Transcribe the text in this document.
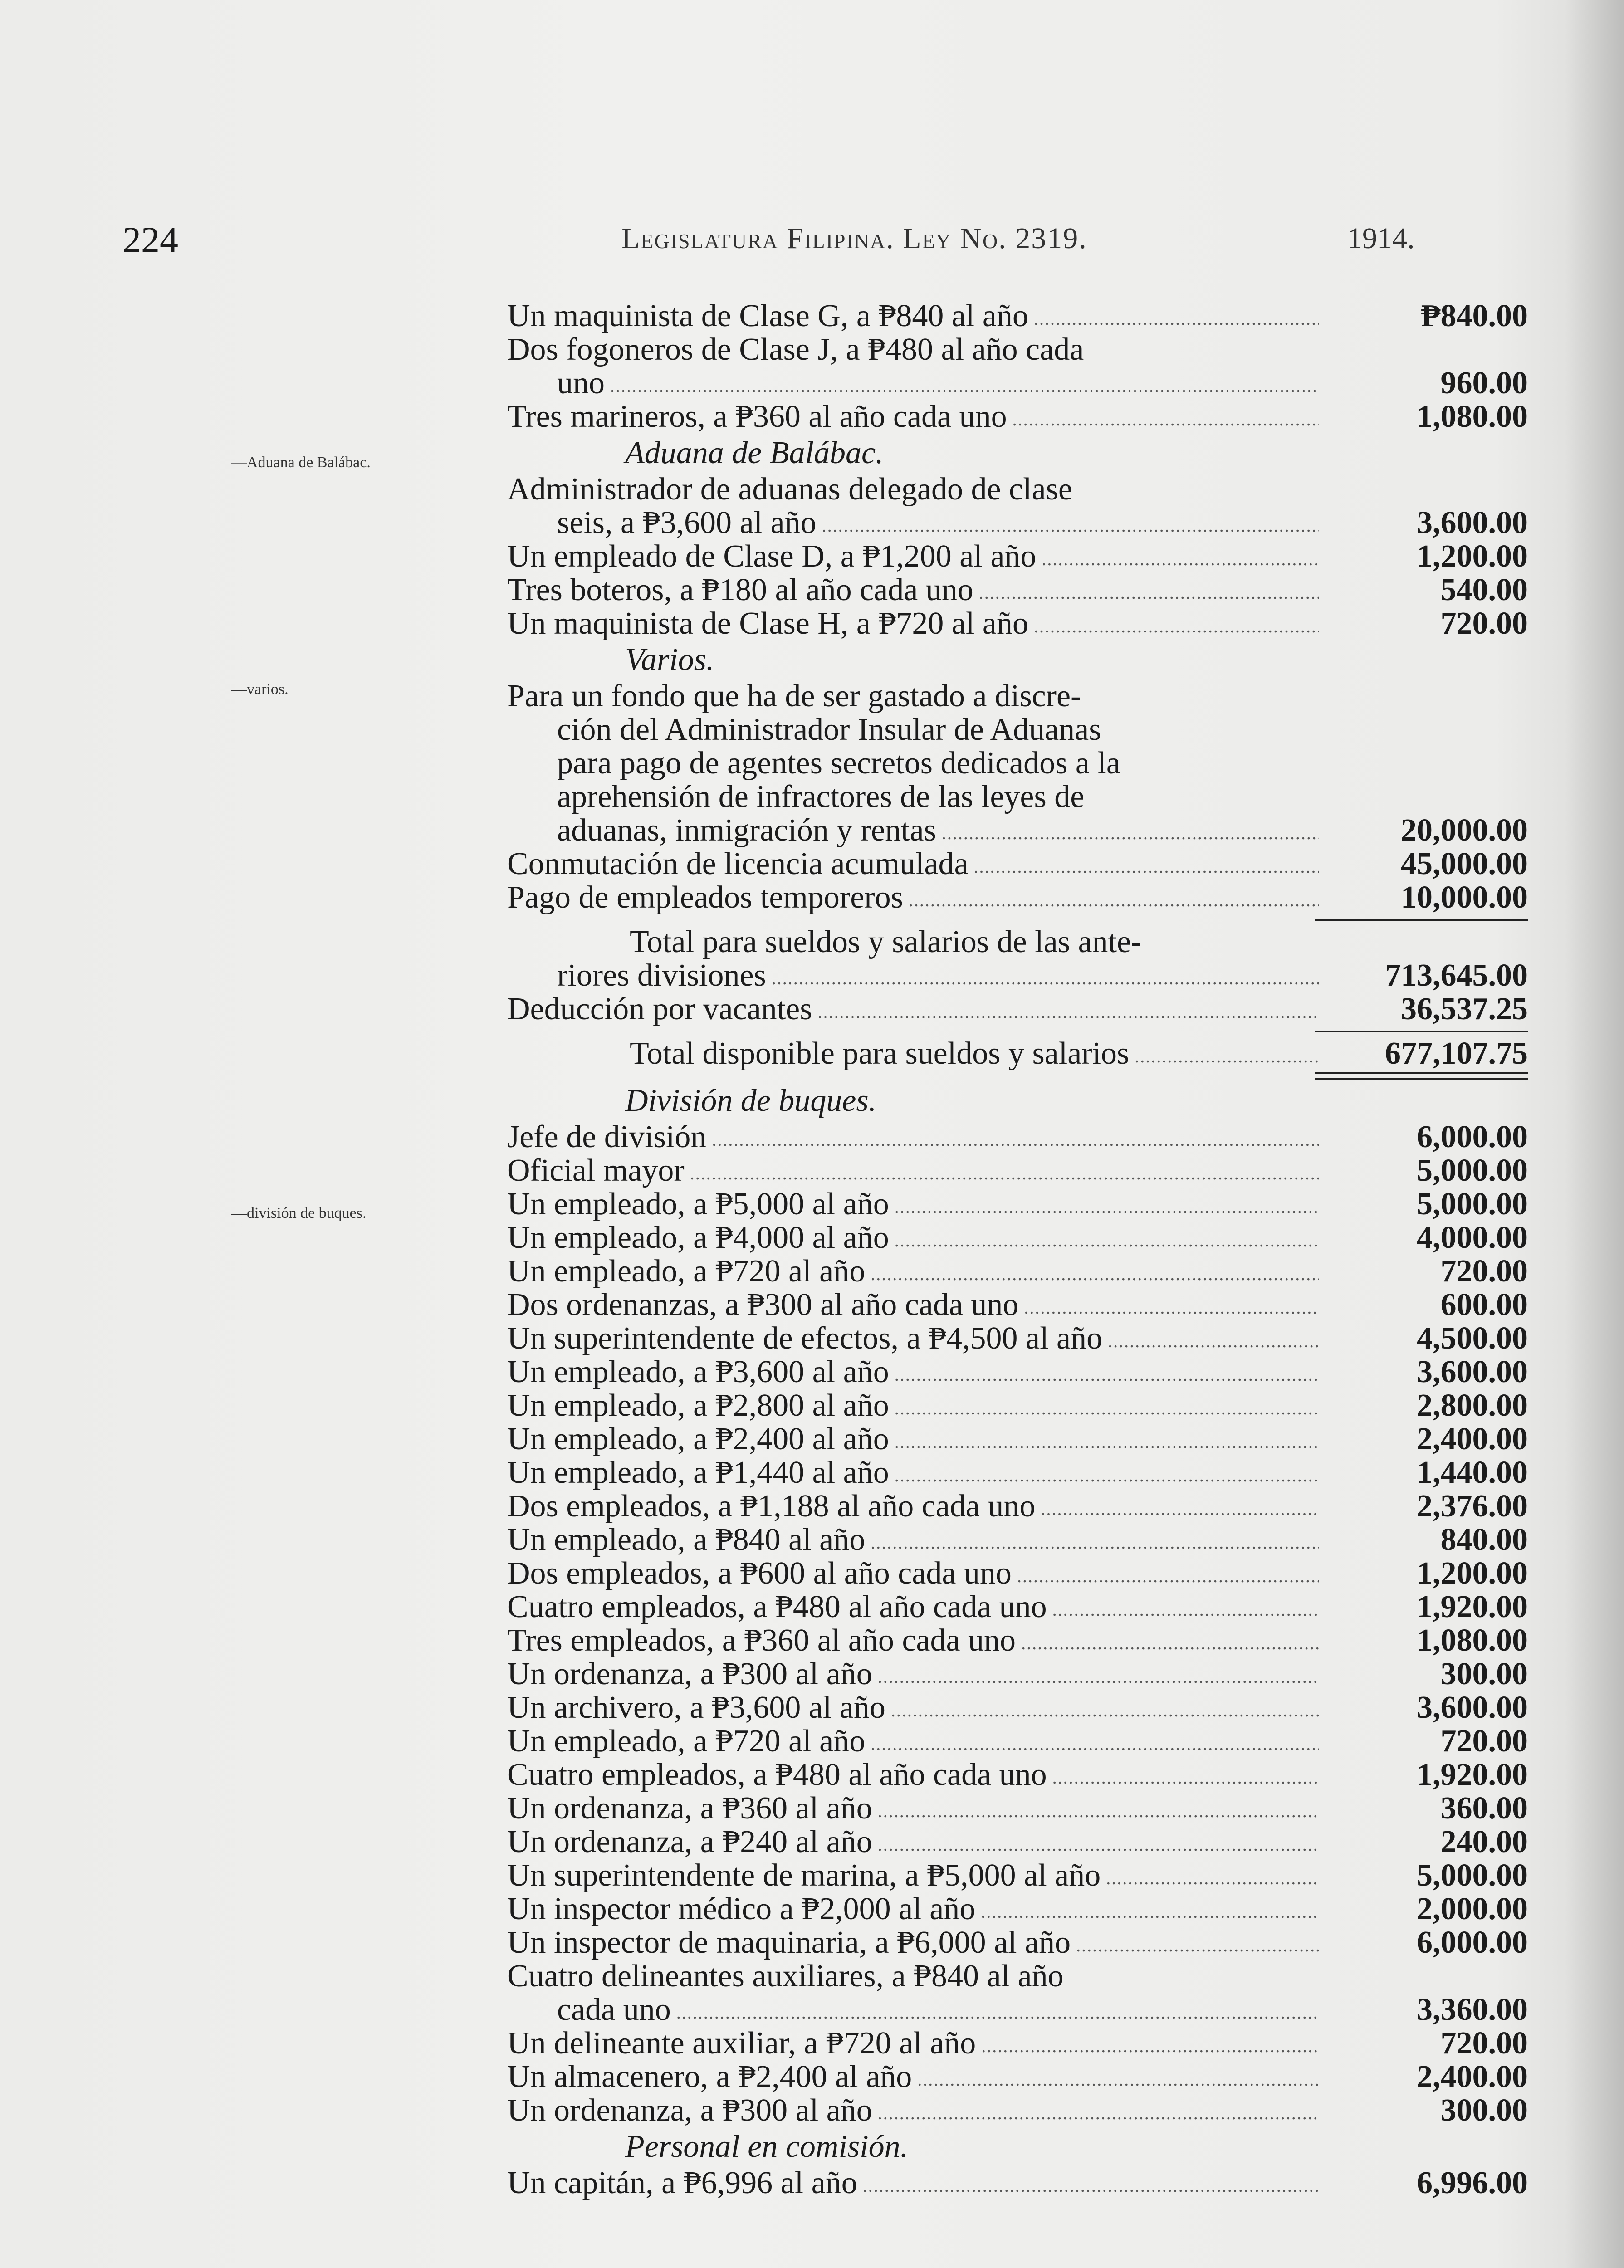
224	Legislatura Filipina. Ley No. 2319.	1914.
—Aduana de Balábac.
—varios.
—división de buques.
Un maquinista de Clase G, a ₱840 al año .....	₱840.00
Dos fogoneros de Clase J, a ₱480 al año cada
uno .....	960.00
Tres marineros, a ₱360 al año cada uno .....	1,080.00
Aduana de Balábac.
Administrador de aduanas delegado de clase
seis, a ₱3,600 al año .....	3,600.00
Un empleado de Clase D, a ₱1,200 al año .....	1,200.00
Tres boteros, a ₱180 al año cada uno .....	540.00
Un maquinista de Clase H, a ₱720 al año .....	720.00
Varios.
Para un fondo que ha de ser gastado a discre-
ción del Administrador Insular de Aduanas
para pago de agentes secretos dedicados a la
aprehensión de infractores de las leyes de
aduanas, inmigración y rentas .....	20,000.00
Conmutación de licencia acumulada .....	45,000.00
Pago de empleados temporeros .....	10,000.00
Total para sueldos y salarios de las ante-
riores divisiones .....	713,645.00
Deducción por vacantes .....	36,537.25
Total disponible para sueldos y salarios .....	677,107.75
División de buques.
Jefe de división .....	6,000.00
Oficial mayor .....	5,000.00
Un empleado, a ₱5,000 al año .....	5,000.00
Un empleado, a ₱4,000 al año .....	4,000.00
Un empleado, a ₱720 al año .....	720.00
Dos ordenanzas, a ₱300 al año cada uno .....	600.00
Un superintendente de efectos, a ₱4,500 al año .....	4,500.00
Un empleado, a ₱3,600 al año .....	3,600.00
Un empleado, a ₱2,800 al año .....	2,800.00
Un empleado, a ₱2,400 al año .....	2,400.00
Un empleado, a ₱1,440 al año .....	1,440.00
Dos empleados, a ₱1,188 al año cada uno .....	2,376.00
Un empleado, a ₱840 al año .....	840.00
Dos empleados, a ₱600 al año cada uno .....	1,200.00
Cuatro empleados, a ₱480 al año cada uno .....	1,920.00
Tres empleados, a ₱360 al año cada uno .....	1,080.00
Un ordenanza, a ₱300 al año .....	300.00
Un archivero, a ₱3,600 al año .....	3,600.00
Un empleado, a ₱720 al año .....	720.00
Cuatro empleados, a ₱480 al año cada uno .....	1,920.00
Un ordenanza, a ₱360 al año .....	360.00
Un ordenanza, a ₱240 al año .....	240.00
Un superintendente de marina, a ₱5,000 al año .....	5,000.00
Un inspector médico a ₱2,000 al año .....	2,000.00
Un inspector de maquinaria, a ₱6,000 al año .....	6,000.00
Cuatro delineantes auxiliares, a ₱840 al año
cada uno .....	3,360.00
Un delineante auxiliar, a ₱720 al año .....	720.00
Un almacenero, a ₱2,400 al año .....	2,400.00
Un ordenanza, a ₱300 al año .....	300.00
Personal en comisión.
Un capitán, a ₱6,996 al año .....	6,996.00
